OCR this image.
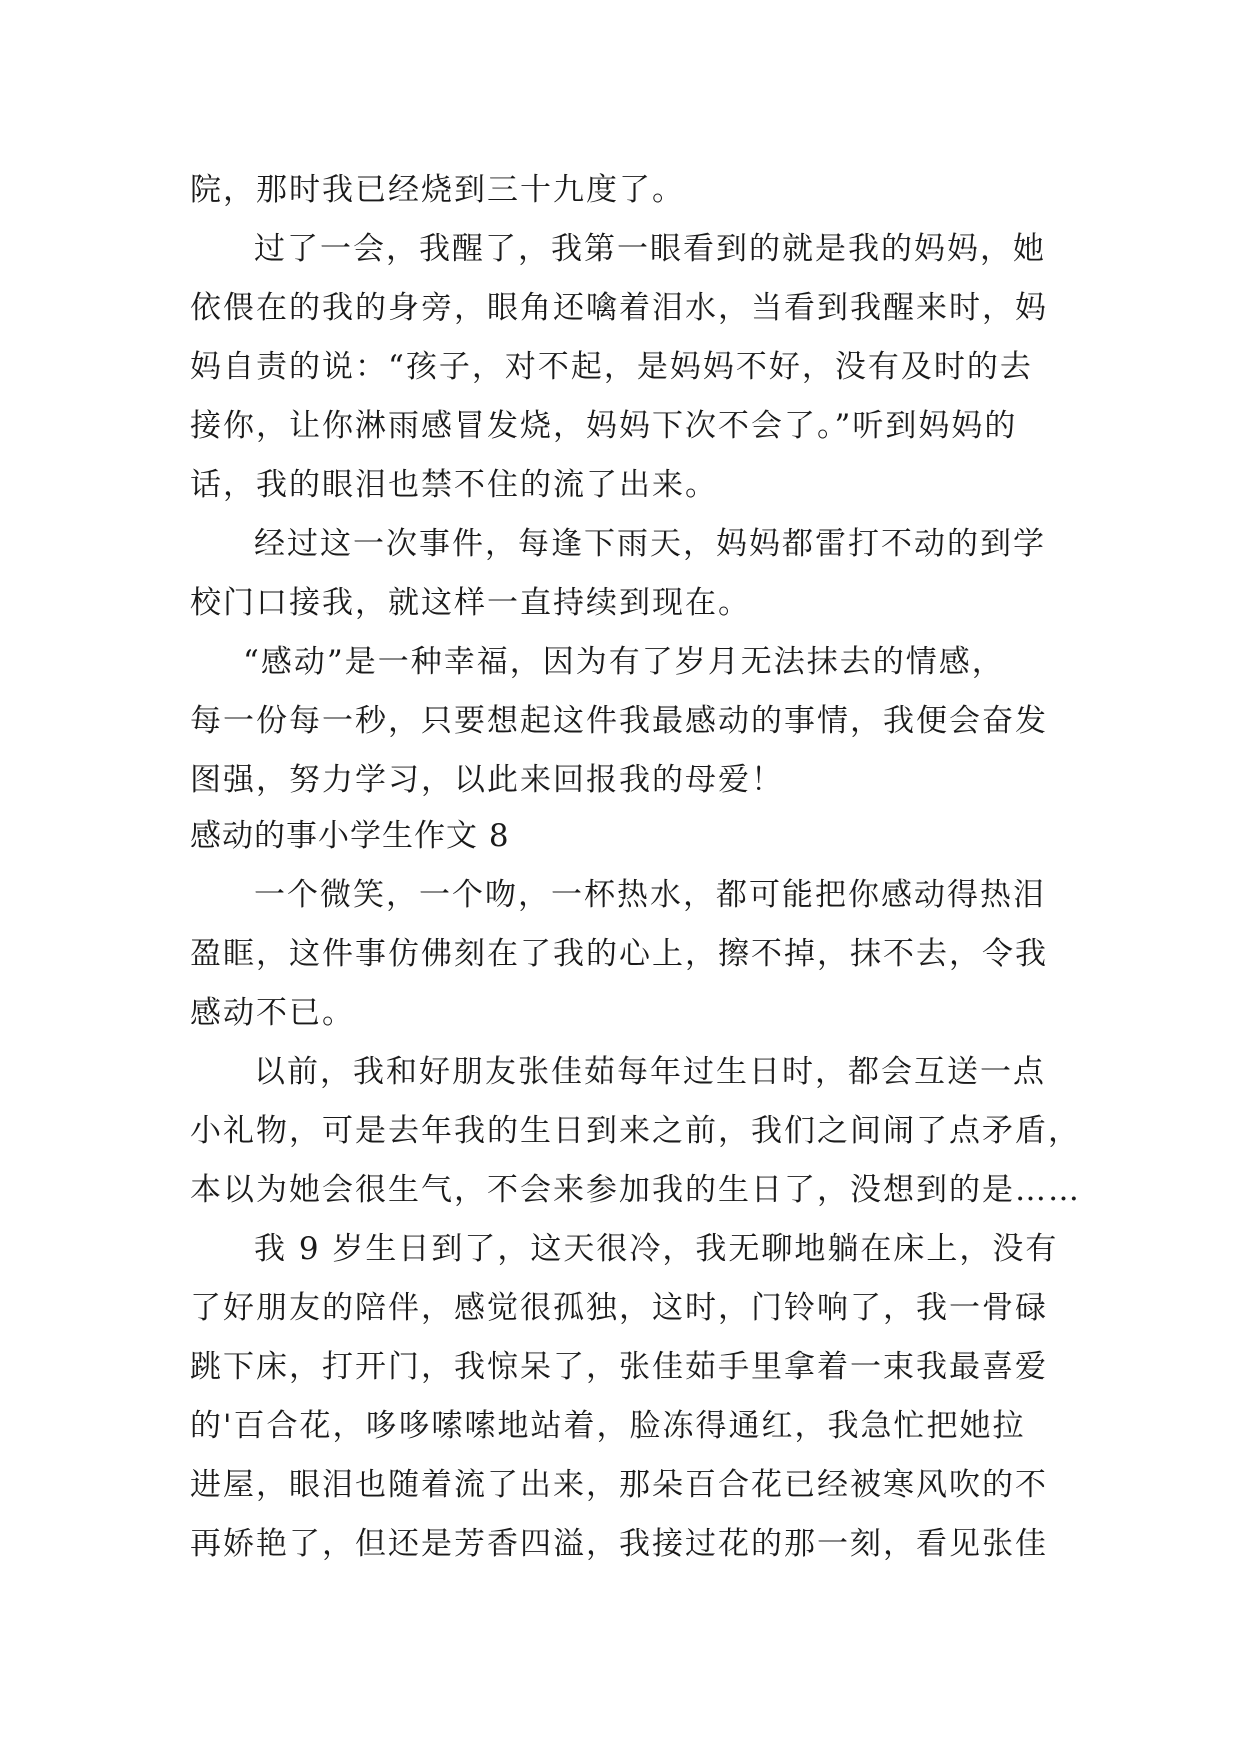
院，那时我已经烧到三十九度了。
过了一会，我醒了，我第一眼看到的就是我的妈妈，她
依偎在的我的身旁，眼角还噙着泪水，当看到我醒来时，妈
妈自责的说：“孩子，对不起，是妈妈不好，没有及时的去
接你，让你淋雨感冒发烧，妈妈下次不会了。”听到妈妈的
话，我的眼泪也禁不住的流了出来。
经过这一次事件，每逢下雨天，妈妈都雷打不动的到学
校门口接我，就这样一直持续到现在。
“感动”是一种幸福，因为有了岁月无法抹去的情感，
每一份每一秒，只要想起这件我最感动的事情，我便会奋发
图强，努力学习，以此来回报我的母爱！
感动的事小学生作文 8
一个微笑，一个吻，一杯热水，都可能把你感动得热泪
盈眶，这件事仿佛刻在了我的心上，擦不掉，抹不去，令我
感动不已。
以前，我和好朋友张佳茹每年过生日时，都会互送一点
小礼物，可是去年我的生日到来之前，我们之间闹了点矛盾，
本以为她会很生气，不会来参加我的生日了，没想到的是……
我 9 岁生日到了，这天很冷，我无聊地躺在床上，没有
了好朋友的陪伴，感觉很孤独，这时，门铃响了，我一骨碌
跳下床，打开门，我惊呆了，张佳茹手里拿着一束我最喜爱
的'百合花，哆哆嗦嗦地站着，脸冻得通红，我急忙把她拉
进屋，眼泪也随着流了出来，那朵百合花已经被寒风吹的不
再娇艳了，但还是芳香四溢，我接过花的那一刻，看见张佳
